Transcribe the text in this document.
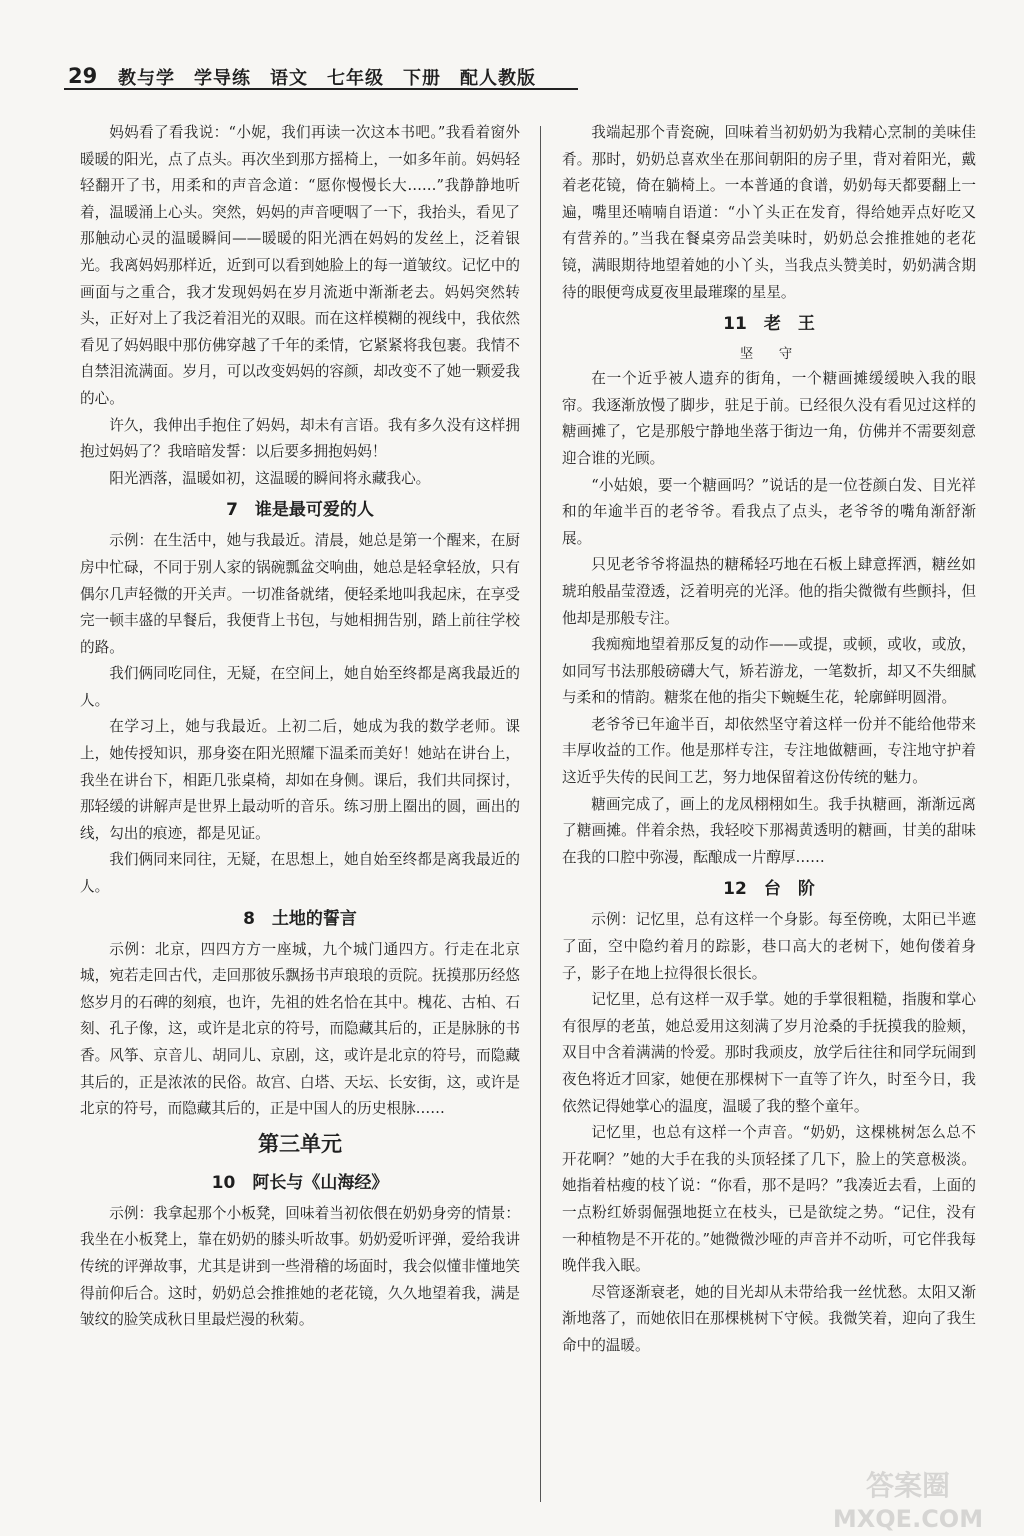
29 教与学　学导练　语文　七年级　下册　配人教版

妈妈看了看我说：“小妮，我们再读一次这本书吧。”我看着窗外暖暖的阳光，点了点头。再次坐到那方摇椅上，一如多年前。妈妈轻轻翻开了书，用柔和的声音念道：“愿你慢慢长大……”我静静地听着，温暖涌上心头。突然，妈妈的声音哽咽了一下，我抬头，看见了那触动心灵的温暖瞬间——暖暖的阳光洒在妈妈的发丝上，泛着银光。我离妈妈那样近，近到可以看到她脸上的每一道皱纹。记忆中的画面与之重合，我才发现妈妈在岁月流逝中渐渐老去。妈妈突然转头，正好对上了我泛着泪光的双眼。而在这样模糊的视线中，我依然看见了妈妈眼中那仿佛穿越了千年的柔情，它紧紧将我包裹。我情不自禁泪流满面。岁月，可以改变妈妈的容颜，却改变不了她一颗爱我的心。

许久，我伸出手抱住了妈妈，却未有言语。我有多久没有这样拥抱过妈妈了？我暗暗发誓：以后要多拥抱妈妈！

阳光洒落，温暖如初，这温暖的瞬间将永藏我心。

7　谁是最可爱的人

示例：在生活中，她与我最近。清晨，她总是第一个醒来，在厨房中忙碌，不同于别人家的锅碗瓢盆交响曲，她总是轻拿轻放，只有偶尔几声轻微的开关声。一切准备就绪，便轻柔地叫我起床，在享受完一顿丰盛的早餐后，我便背上书包，与她相拥告别，踏上前往学校的路。

我们俩同吃同住，无疑，在空间上，她自始至终都是离我最近的人。

在学习上，她与我最近。上初二后，她成为我的数学老师。课上，她传授知识，那身姿在阳光照耀下温柔而美好！她站在讲台上，我坐在讲台下，相距几张桌椅，却如在身侧。课后，我们共同探讨，那轻缓的讲解声是世界上最动听的音乐。练习册上圈出的圆，画出的线，勾出的痕迹，都是见证。

我们俩同来同往，无疑，在思想上，她自始至终都是离我最近的人。

8　土地的誓言

示例：北京，四四方方一座城，九个城门通四方。行走在北京城，宛若走回古代，走回那彼乐飘扬书声琅琅的贡院。抚摸那历经悠悠岁月的石碑的刻痕，也许，先祖的姓名恰在其中。槐花、古柏、石刻、孔子像，这，或许是北京的符号，而隐藏其后的，正是脉脉的书香。风筝、京音儿、胡同儿、京剧，这，或许是北京的符号，而隐藏其后的，正是浓浓的民俗。故宫、白塔、天坛、长安街，这，或许是北京的符号，而隐藏其后的，正是中国人的历史根脉……

第三单元
10　阿长与《山海经》

示例：我拿起那个小板凳，回味着当初依偎在奶奶身旁的情景：我坐在小板凳上，靠在奶奶的膝头听故事。奶奶爱听评弹，爱给我讲传统的评弹故事，尤其是讲到一些滑稽的场面时，我会似懂非懂地笑得前仰后合。这时，奶奶总会推推她的老花镜，久久地望着我，满是皱纹的脸笑成秋日里最烂漫的秋菊。

我端起那个青瓷碗，回味着当初奶奶为我精心烹制的美味佳肴。那时，奶奶总喜欢坐在那间朝阳的房子里，背对着阳光，戴着老花镜，倚在躺椅上。一本普通的食谱，奶奶每天都要翻上一遍，嘴里还喃喃自语道：“小丫头正在发育，得给她弄点好吃又有营养的。”当我在餐桌旁品尝美味时，奶奶总会推推她的老花镜，满眼期待地望着她的小丫头，当我点头赞美时，奶奶满含期待的眼便弯成夏夜里最璀璨的星星。

11　老　王
坚　守

在一个近乎被人遗弃的街角，一个糖画摊缓缓映入我的眼帘。我逐渐放慢了脚步，驻足于前。已经很久没有看见过这样的糖画摊了，它是那般宁静地坐落于街边一角，仿佛并不需要刻意迎合谁的光顾。

“小姑娘，要一个糖画吗？”说话的是一位苍颜白发、目光祥和的年逾半百的老爷爷。看我点了点头，老爷爷的嘴角渐舒渐展。

只见老爷爷将温热的糖稀轻巧地在石板上肆意挥洒，糖丝如琥珀般晶莹澄透，泛着明亮的光泽。他的指尖微微有些颤抖，但他却是那般专注。

我痴痴地望着那反复的动作——或提，或顿，或收，或放，如同写书法那般磅礴大气，矫若游龙，一笔数折，却又不失细腻与柔和的情韵。糖浆在他的指尖下蜿蜒生花，轮廓鲜明圆滑。

老爷爷已年逾半百，却依然坚守着这样一份并不能给他带来丰厚收益的工作。他是那样专注，专注地做糖画，专注地守护着这近乎失传的民间工艺，努力地保留着这份传统的魅力。

糖画完成了，画上的龙凤栩栩如生。我手执糖画，渐渐远离了糖画摊。伴着余热，我轻咬下那褐黄透明的糖画，甘美的甜味在我的口腔中弥漫，酝酿成一片醇厚……

12　台　阶

示例：记忆里，总有这样一个身影。每至傍晚，太阳已半遮了面，空中隐约着月的踪影，巷口高大的老树下，她佝偻着身子，影子在地上拉得很长很长。

记忆里，总有这样一双手掌。她的手掌很粗糙，指腹和掌心有很厚的老茧，她总爱用这刻满了岁月沧桑的手抚摸我的脸颊，双目中含着满满的怜爱。那时我顽皮，放学后往往和同学玩闹到夜色将近才回家，她便在那棵树下一直等了许久，时至今日，我依然记得她掌心的温度，温暖了我的整个童年。

记忆里，也总有这样一个声音。“奶奶，这棵桃树怎么总不开花啊？”她的大手在我的头顶轻揉了几下，脸上的笑意极淡。她指着枯瘦的枝丫说：“你看，那不是吗？”我凑近去看，上面的一点粉红娇弱倔强地挺立在枝头，已是欲绽之势。“记住，没有一种植物是不开花的。”她微微沙哑的声音并不动听，可它伴我每晚伴我入眠。

尽管逐渐衰老，她的目光却从未带给我一丝忧愁。太阳又渐渐地落了，而她依旧在那棵桃树下守候。我微笑着，迎向了我生命中的温暖。

答案圈
MXQE.COM
